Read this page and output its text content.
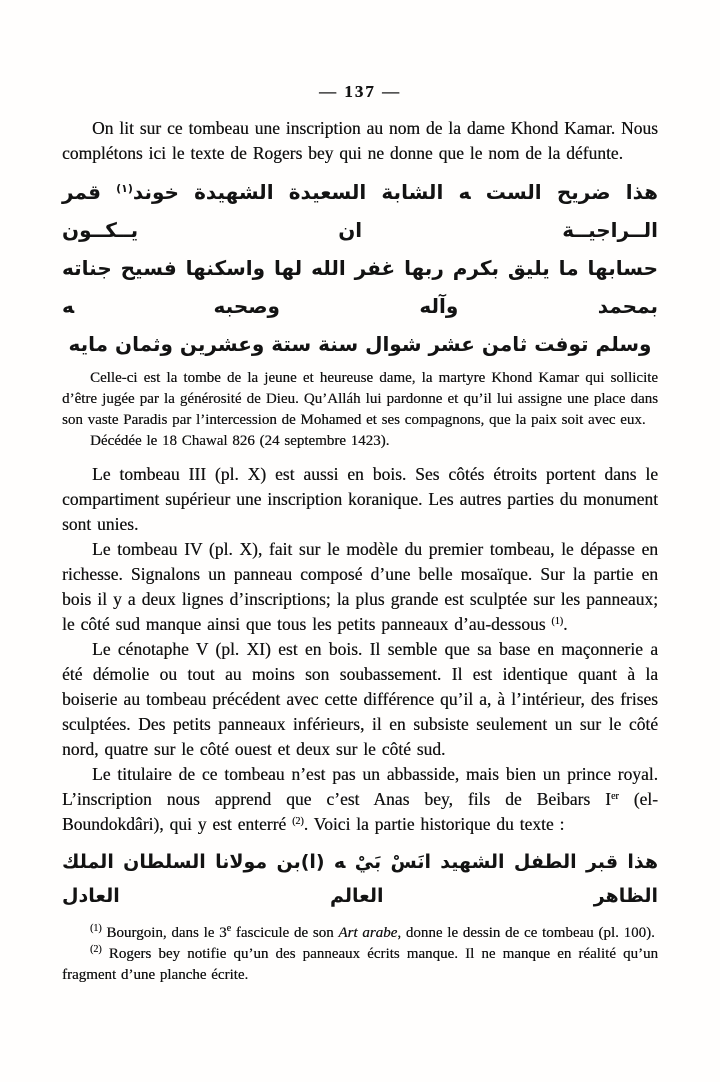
— 137 —

On lit sur ce tombeau une inscription au nom de la dame Khond Kamar. Nous complétons ici le texte de Rogers bey qui ne donne que le nom de la défunte.

هذا ضريح الست ﻪ الشابة السعيدة الشهيدة خوند$^{(١)}$ قمر الــراجيــة ان يــكــون
حسابها ما يليق بكرم ربها غفر الله لها واسكنها فسيح جناته بمحمد وآله وصحبه ﻪ
وسلم توفت ثامن عشر شوال سنة ستة وعشرين وثمان مايه

Celle-ci est la tombe de la jeune et heureuse dame, la martyre Khond Kamar qui sollicite d’être jugée par la générosité de Dieu. Qu’Alláh lui pardonne et qu’il lui assigne une place dans son vaste Paradis par l’intercession de Mohamed et ses compagnons, que la paix soit avec eux.

Décédée le 18 Chawal 826 (24 septembre 1423).

Le tombeau III (pl. X) est aussi en bois. Ses côtés étroits portent dans le compartiment supérieur une inscription koranique. Les autres parties du monument sont unies.

Le tombeau IV (pl. X), fait sur le modèle du premier tombeau, le dépasse en richesse. Signalons un panneau composé d’une belle mosaïque. Sur la partie en bois il y a deux lignes d’inscriptions; la plus grande est sculptée sur les panneaux; le côté sud manque ainsi que tous les petits panneaux d’au-dessous $^{(1)}$.

Le cénotaphe V (pl. XI) est en bois. Il semble que sa base en maçonnerie a été démolie ou tout au moins son soubassement. Il est identique quant à la boiserie au tombeau précédent avec cette différence qu’il a, à l’intérieur, des frises sculptées. Des petits panneaux inférieurs, il en subsiste seulement un sur le côté nord, quatre sur le côté ouest et deux sur le côté sud.

Le titulaire de ce tombeau n’est pas un abbasside, mais bien un prince royal. L’inscription nous apprend que c’est Anas bey, fils de Beibars Ier (el-Boundokdâri), qui y est enterré $^{(2)}$. Voici la partie historique du texte :

هذا قبر الطفل الشهيد انَسْ بَيْ ﻪ (ا)بن مولانا السلطان الملك الظاهر العالم العادل

$^{(1)}$ Bourgoin, dans le 3e fascicule de son Art arabe, donne le dessin de ce tombeau (pl. 100).

$^{(2)}$ Rogers bey notifie qu’un des panneaux écrits manque. Il ne manque en réalité qu’un fragment d’une planche écrite.
